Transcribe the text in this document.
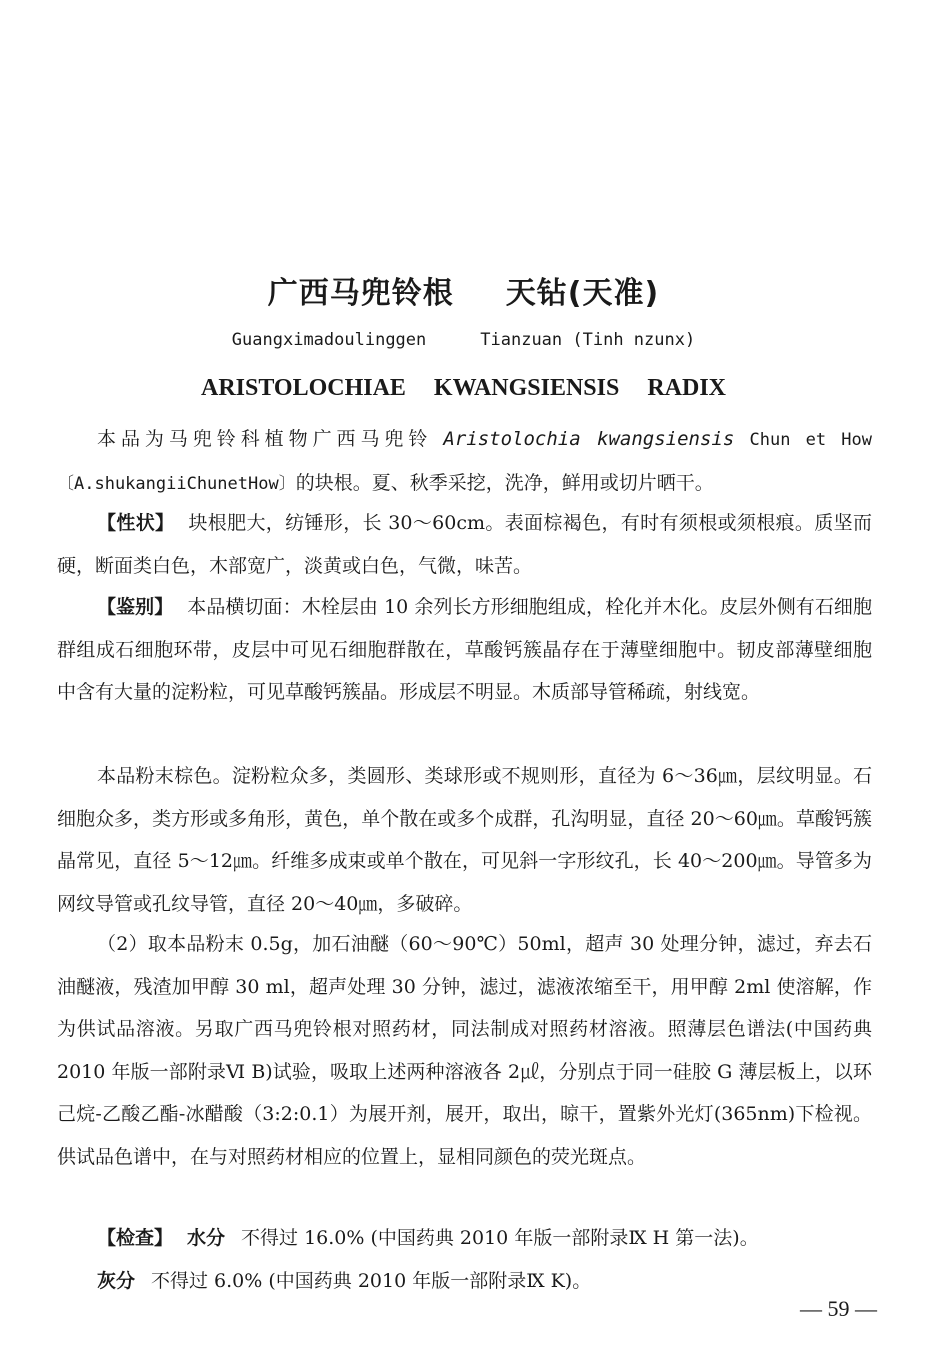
广西马兜铃根 天钻(天准)
Guangximadoulinggen	Tianzuan (Tinh nzunx)
ARISTOLOCHIAE KWANGSIENSIS RADIX
本品为马兜铃科植物广西马兜铃 Aristolochia kwangsiensis Chun et How〔A.shukangiiChunetHow〕的块根。夏、秋季采挖，洗净，鲜用或切片晒干。
【性状】 块根肥大，纺锤形，长 30～60cm。表面棕褐色，有时有须根或须根痕。质坚而硬，断面类白色，木部宽广，淡黄或白色，气微，味苦。
【鉴别】 本品横切面：木栓层由 10 余列长方形细胞组成，栓化并木化。皮层外侧有石细胞群组成石细胞环带，皮层中可见石细胞群散在，草酸钙簇晶存在于薄壁细胞中。韧皮部薄壁细胞中含有大量的淀粉粒，可见草酸钙簇晶。形成层不明显。木质部导管稀疏，射线宽。
本品粉末棕色。淀粉粒众多，类圆形、类球形或不规则形，直径为 6～36㎛，层纹明显。石细胞众多，类方形或多角形，黄色，单个散在或多个成群，孔沟明显，直径 20～60㎛。草酸钙簇晶常见，直径 5～12㎛。纤维多成束或单个散在，可见斜一字形纹孔，长 40～200㎛。导管多为网纹导管或孔纹导管，直径 20～40㎛，多破碎。
（2）取本品粉末 0.5g，加石油醚（60～90℃）50ml，超声 30 处理分钟，滤过，弃去石油醚液，残渣加甲醇 30 ml，超声处理 30 分钟，滤过，滤液浓缩至干，用甲醇 2ml 使溶解，作为供试品溶液。另取广西马兜铃根对照药材，同法制成对照药材溶液。照薄层色谱法(中国药典 2010 年版一部附录Ⅵ B)试验，吸取上述两种溶液各 2㎕，分别点于同一硅胶 G 薄层板上，以环己烷-乙酸乙酯-冰醋酸（3:2:0.1）为展开剂，展开，取出，晾干，置紫外光灯(365nm)下检视。供试品色谱中，在与对照药材相应的位置上，显相同颜色的荧光斑点。
【检查】 水分 不得过 16.0% (中国药典 2010 年版一部附录Ⅸ H 第一法)。
灰分 不得过 6.0% (中国药典 2010 年版一部附录Ⅸ K)。
— 59 —
